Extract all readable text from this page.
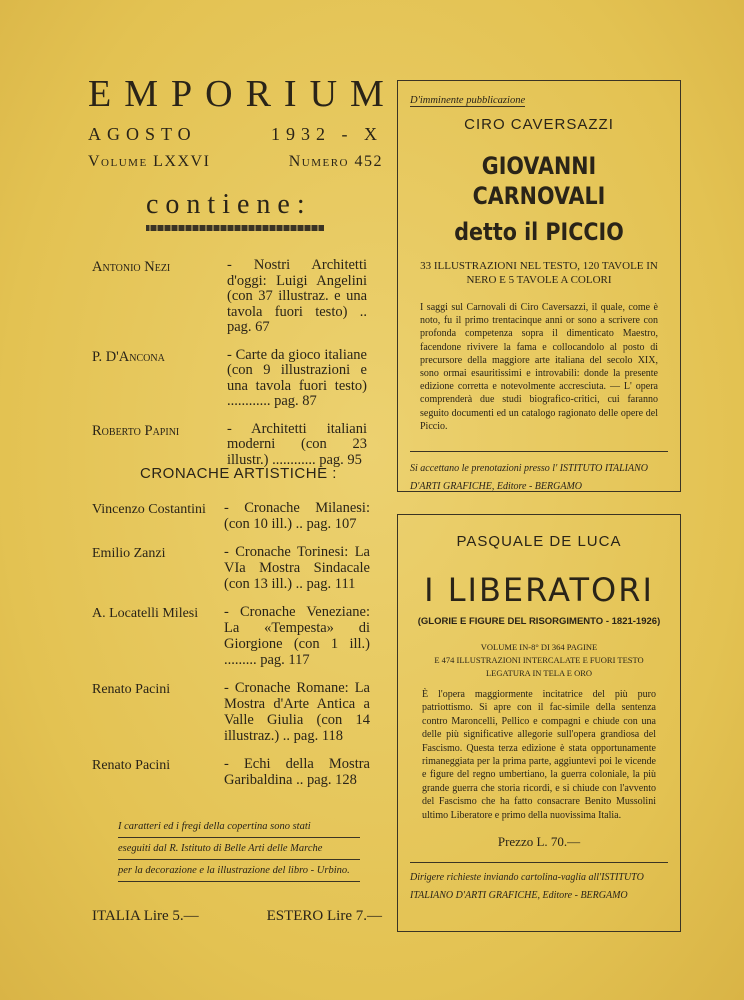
EMPORIUM
AGOSTO	1932 - X
Volume LXXVI	Numero 452
contiene:
Antonio Nezi	- Nostri Architetti d'oggi: Luigi Angelini (con 37 illustraz. e una tavola fuori testo) .. pag. 67
P. D'Ancona	- Carte da gioco italiane (con 9 illustrazioni e una tavola fuori testo) ............ pag. 87
Roberto Papini	- Architetti italiani moderni (con 23 illustr.) ............ pag. 95
CRONACHE ARTISTICHE :
Vincenzo Costantini	- Cronache Milanesi: (con 10 ill.) .. pag. 107
Emilio Zanzi	- Cronache Torinesi: La VIa Mostra Sindacale (con 13 ill.) .. pag. 111
A. Locatelli Milesi	- Cronache Veneziane: La «Tempesta» di Giorgione (con 1 ill.) ......... pag. 117
Renato Pacini	- Cronache Romane: La Mostra d'Arte Antica a Valle Giulia (con 14 illustraz.) .. pag. 118
Renato Pacini	- Echi della Mostra Garibaldina .. pag. 128
I caratteri ed i fregi della copertina sono stati
eseguiti dal R. Istituto di Belle Arti delle Marche
per la decorazione e la illustrazione del libro - Urbino.
ITALIA Lire 5.—	ESTERO Lire 7.—
D'imminente pubblicazione
CIRO CAVERSAZZI
GIOVANNI CARNOVALI
detto il PICCIO
33 ILLUSTRAZIONI NEL TESTO, 120 TAVOLE IN NERO E 5 TAVOLE A COLORI
I saggi sul Carnovali di Ciro Caversazzi, il quale, come è noto, fu il primo trentacinque anni or sono a scrivere con profonda competenza sopra il dimenticato Maestro, facendone rivivere la fama e collocandolo al posto di precursore della maggiore arte italiana del secolo XIX, sono ormai esauritissimi e introvabili: donde la presente edizione corretta e notevolmente accresciuta. — L' opera comprenderà due studi biografico-critici, cui faranno seguito documenti ed un catalogo ragionato delle opere del Piccio.
Si accettano le prenotazioni presso l' ISTITUTO ITALIANO D'ARTI GRAFICHE, Editore - BERGAMO
PASQUALE DE LUCA
I LIBERATORI
(GLORIE E FIGURE DEL RISORGIMENTO - 1821-1926)
VOLUME IN-8° DI 364 PAGINE
E 474 ILLUSTRAZIONI INTERCALATE E FUORI TESTO
LEGATURA IN TELA E ORO
È l'opera maggiormente incitatrice del più puro patriottismo. Si apre con il fac-simile della sentenza contro Maroncelli, Pellico e compagni e chiude con una delle più significative allegorie sull'opera grandiosa del Fascismo. Questa terza edizione è stata opportunamente rimaneggiata per la prima parte, aggiuntevi poi le vicende e figure del regno umbertiano, la guerra coloniale, la più grande guerra che storia ricordi, e si chiude con l'avvento del Fascismo che ha fatto consacrare Benito Mussolini ultimo Liberatore e primo della nuovissima Italia.
Prezzo L. 70.—
Dirigere richieste inviando cartolina-vaglia all'ISTITUTO ITALIANO D'ARTI GRAFICHE, Editore - BERGAMO
